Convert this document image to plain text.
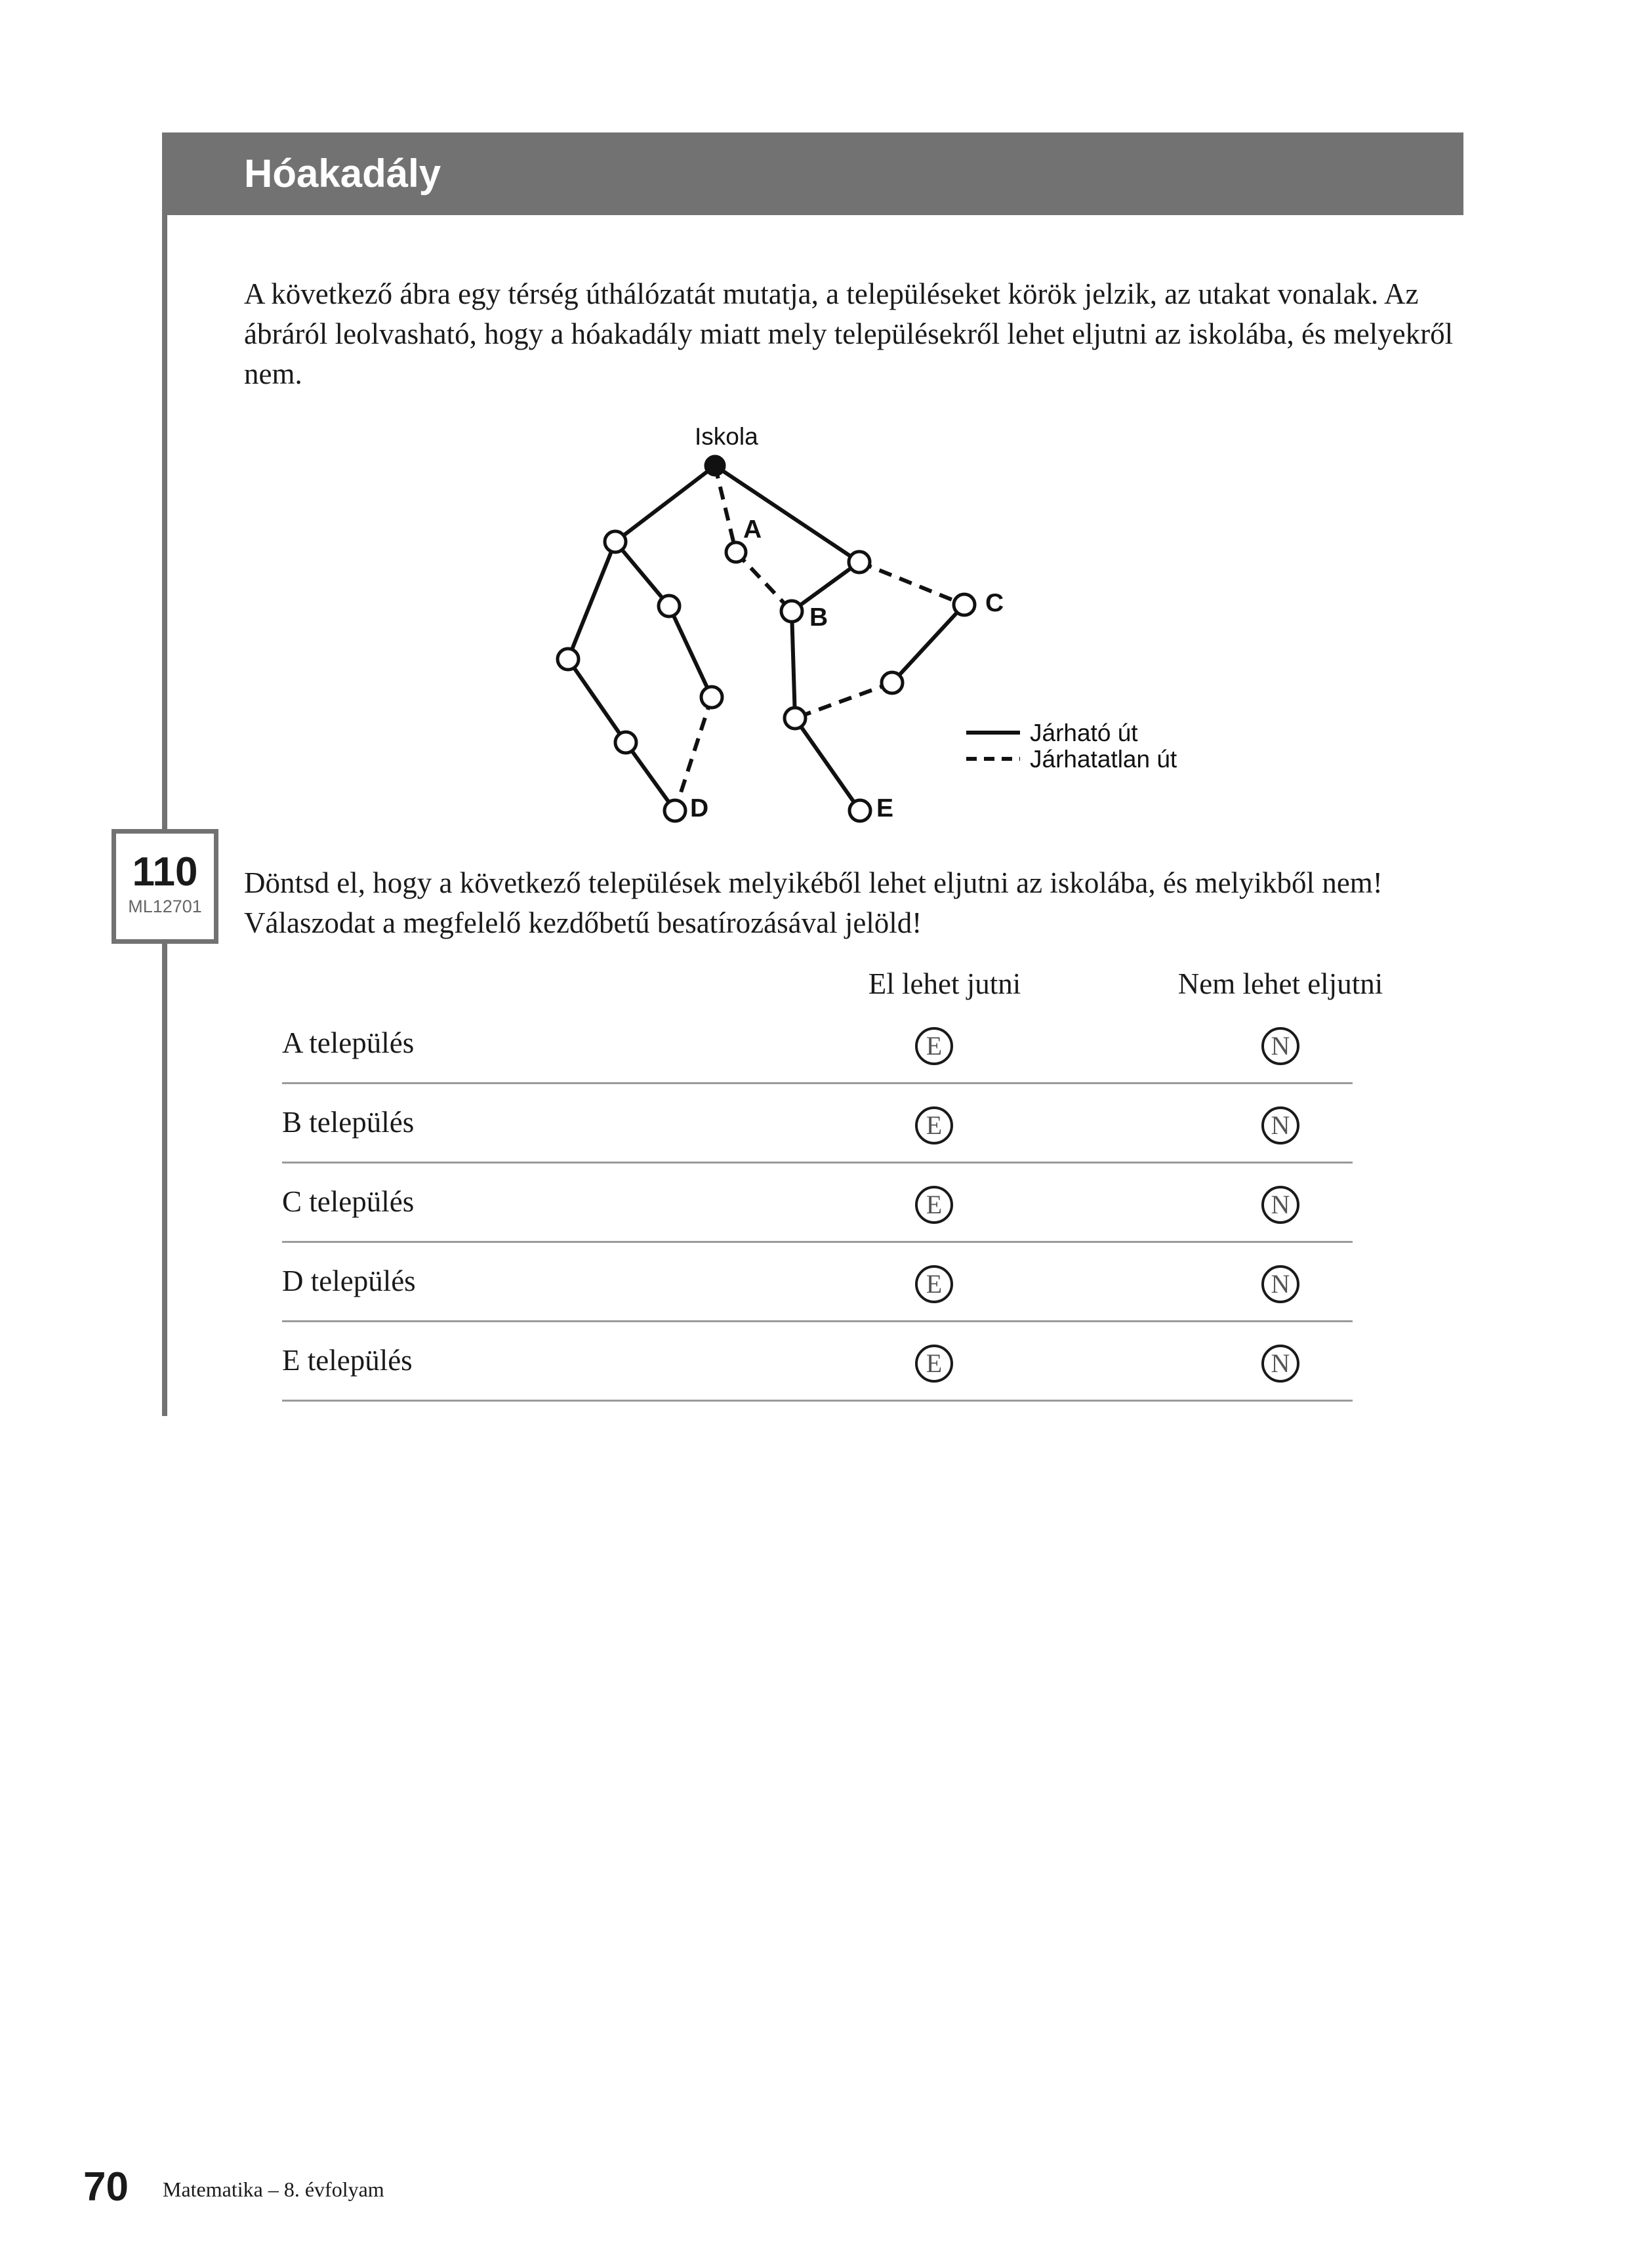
Hóakadály

A következő ábra egy térség úthálózatát mutatja, a településeket körök jelzik, az utakat vonalak. Az ábráról leolvasható, hogy a hóakadály miatt mely településekről lehet eljutni az iskolába, és melyekről nem.

Iskola
A
B
C
D	E
Járható út
Járhatatlan út
110
ML12701

Döntsd el, hogy a következő települések melyikéből lehet eljutni az iskolába, és melyikből nem! Válaszodat a megfelelő kezdőbetű besatírozásával jelöld!

El lehet jutni	Nem lehet eljutni
A település	E	N
B település	E	N
C település	E	N
D település	E	N
E település	E	N
70 Matematika – 8. évfolyam
